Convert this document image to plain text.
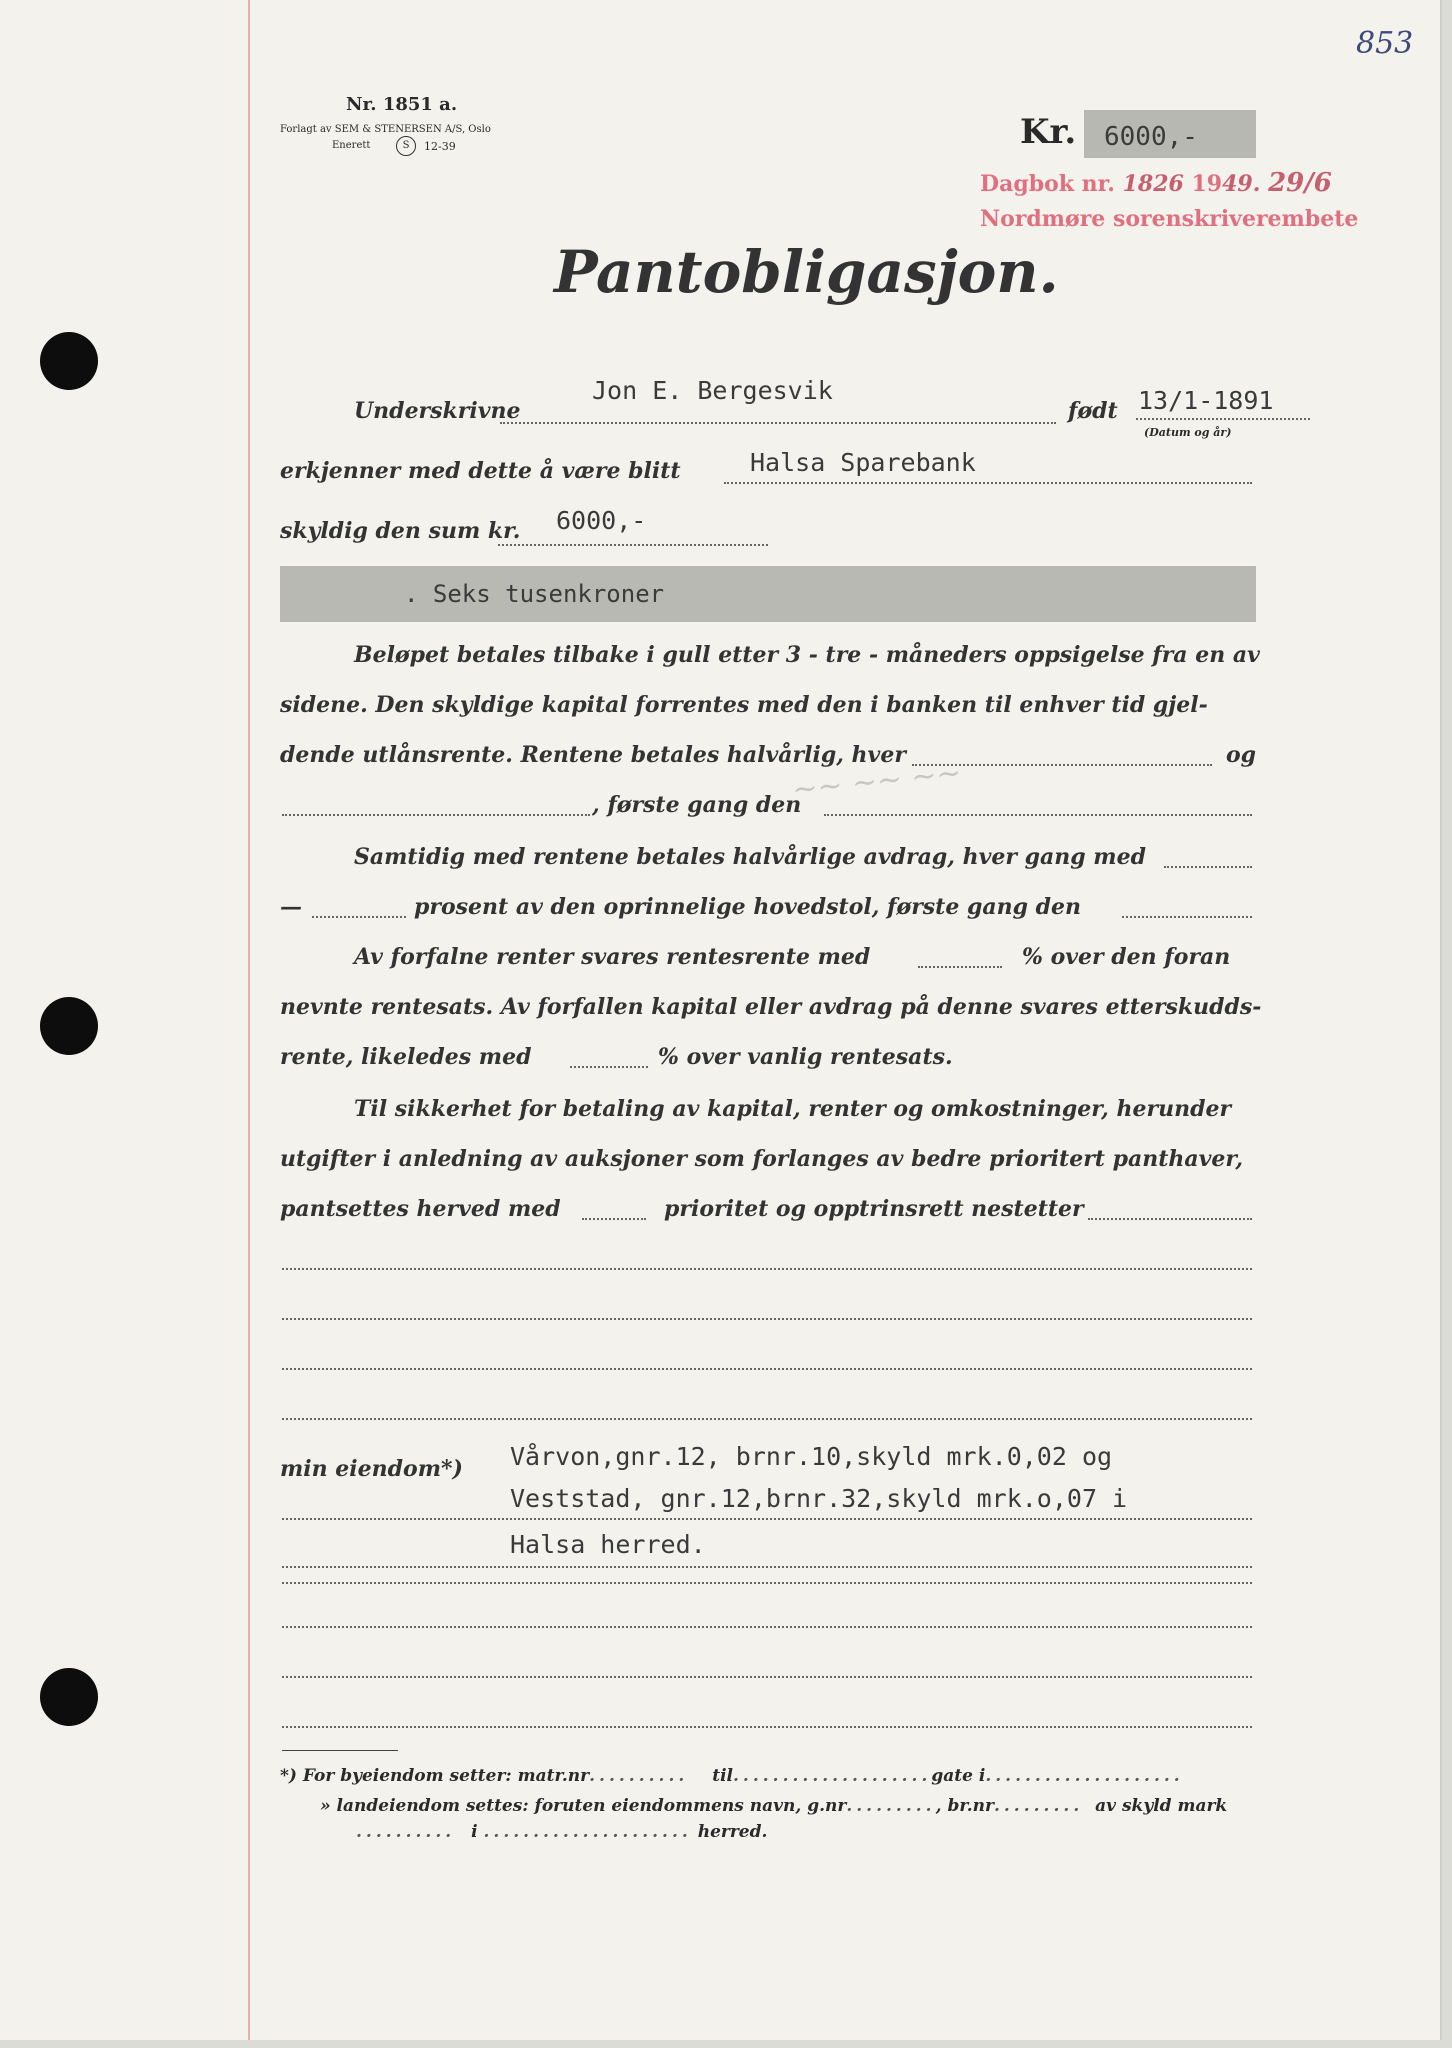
853
Nr. 1851 a.
Forlagt av SEM & STENERSEN A/S, Oslo
Enerett	S	12-39	Kr. 6000,-
Dagbok nr. 1826 1949. 29/6
Nordmøre sorenskriverembete
Pantobligasjon.
Underskrivne
Jon E. Bergesvik
født 13/1-1891
(Datum og år)
erkjenner med dette å være blitt	Halsa Sparebank
skyldig den sum kr. 6000,-
. Seks tusenkroner
Beløpet betales tilbake i gull etter 3 - tre - måneders oppsigelse fra en av
sidene. Den skyldige kapital forrentes med den i banken til enhver tid gjel-
dende utlånsrente. Rentene betales halvårlig, hver	og
, første gang den
~~ ~~ ~~
Samtidig med rentene betales halvårlige avdrag, hver gang med
—	prosent av den oprinnelige hovedstol, første gang den
Av forfalne renter svares rentesrente med	% over den foran
nevnte rentesats. Av forfallen kapital eller avdrag på denne svares etterskudds-
rente, likeledes med	% over vanlig rentesats.
Til sikkerhet for betaling av kapital, renter og omkostninger, herunder
utgifter i anledning av auksjoner som forlanges av bedre prioritert panthaver,
pantsettes herved med	prioritet og opptrinsrett nestetter
min eiendom*) Vårvon,gnr.12, brnr.10,skyld mrk.0,02 og
Veststad, gnr.12,brnr.32,skyld mrk.o,07 i
Halsa herred.
*) For byeiendom setter: matr.nr.......... til....................gate i....................
» landeiendom settes: foruten eiendommens navn, g.nr........., br.nr......... av skyld mark
.......... i ..................... herred.
